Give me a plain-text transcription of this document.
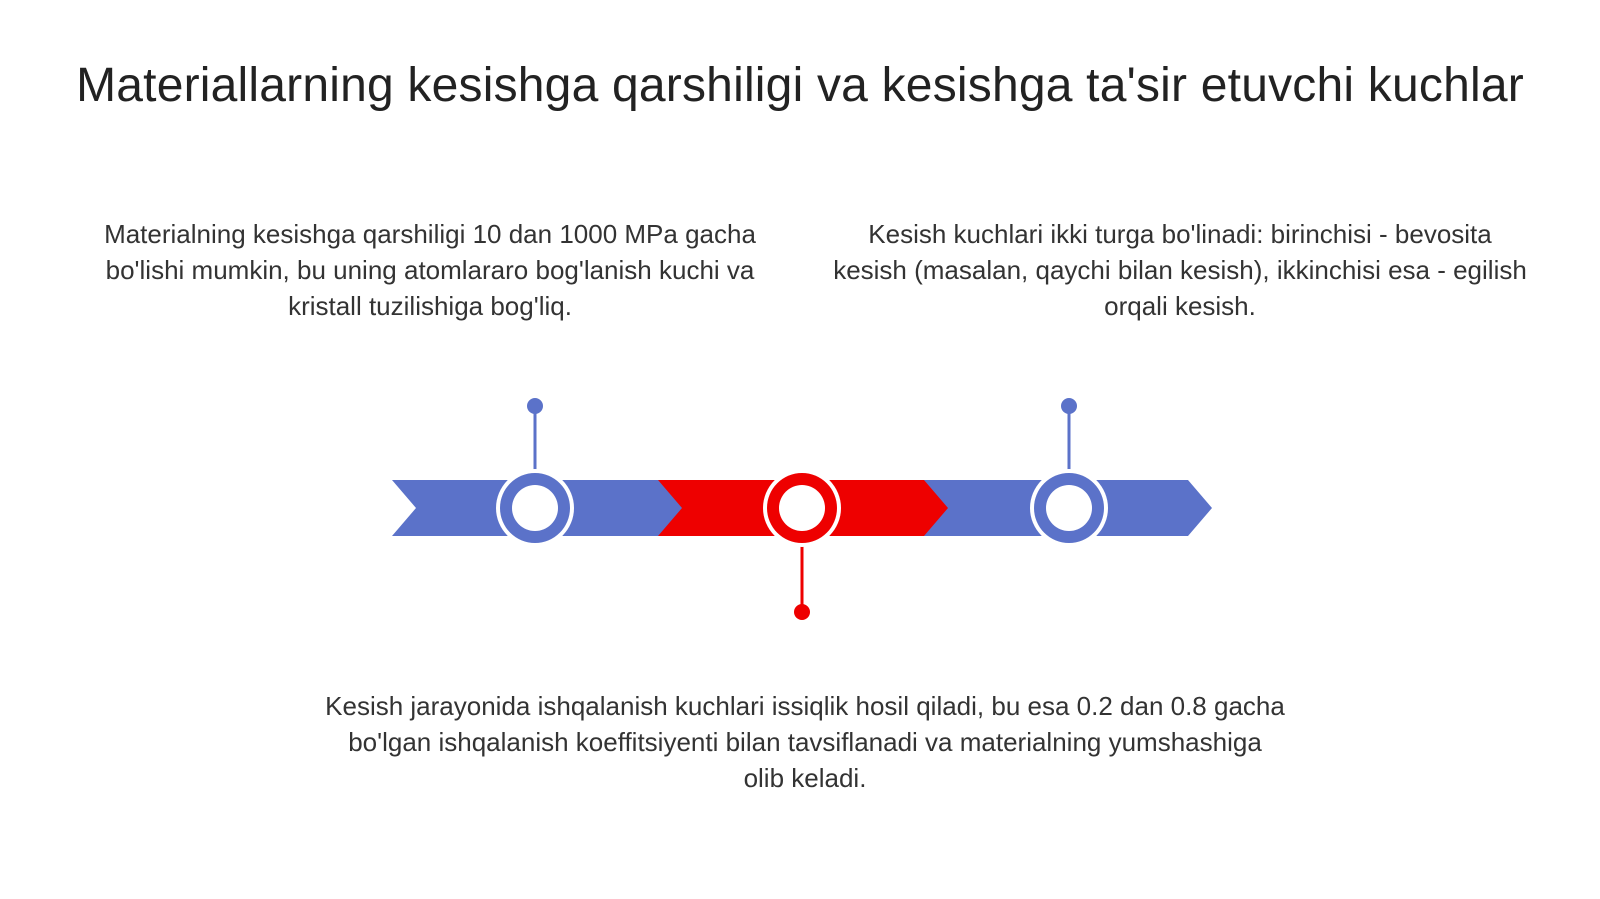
Materiallarning kesishga qarshiligi va kesishga ta'sir etuvchi kuchlar
Materialning kesishga qarshiligi 10 dan 1000 MPa gacha bo'lishi mumkin, bu uning atomlararo bog'lanish kuchi va kristall tuzilishiga bog'liq.
Kesish kuchlari ikki turga bo'linadi: birinchisi - bevosita kesish (masalan, qaychi bilan kesish), ikkinchisi esa - egilish orqali kesish.
Kesish jarayonida ishqalanish kuchlari issiqlik hosil qiladi, bu esa 0.2 dan 0.8 gacha bo'lgan ishqalanish koeffitsiyenti bilan tavsiflanadi va materialning yumshashiga olib keladi.
